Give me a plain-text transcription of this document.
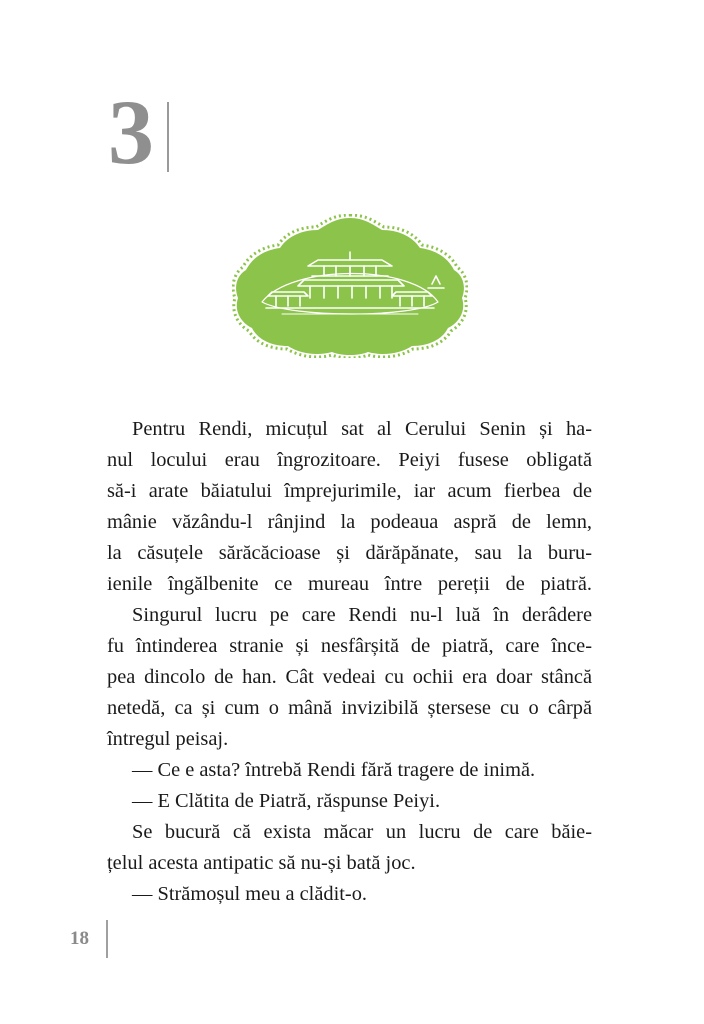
3
Pentru Rendi, micuțul sat al Cerului Senin și ha-
nul locului erau îngrozitoare. Peiyi fusese obligată
să-i arate băiatului împrejurimile, iar acum fierbea de
mânie văzându-l rânjind la podeaua aspră de lemn,
la căsuțele sărăcăcioase și dărăpănate, sau la buru-
ienile îngălbenite ce mureau între pereții de piatră.
Singurul lucru pe care Rendi nu-l luă în derâdere
fu întinderea stranie și nesfârșită de piatră, care înce-
pea dincolo de han. Cât vedeai cu ochii era doar stâncă
netedă, ca și cum o mână invizibilă ștersese cu o cârpă
întregul peisaj.
— Ce e asta? întrebă Rendi fără tragere de inimă.
— E Clătita de Piatră, răspunse Peiyi.
Se bucură că exista măcar un lucru de care băie-
țelul acesta antipatic să nu-și bată joc.
— Strămoșul meu a clădit-o.
18
